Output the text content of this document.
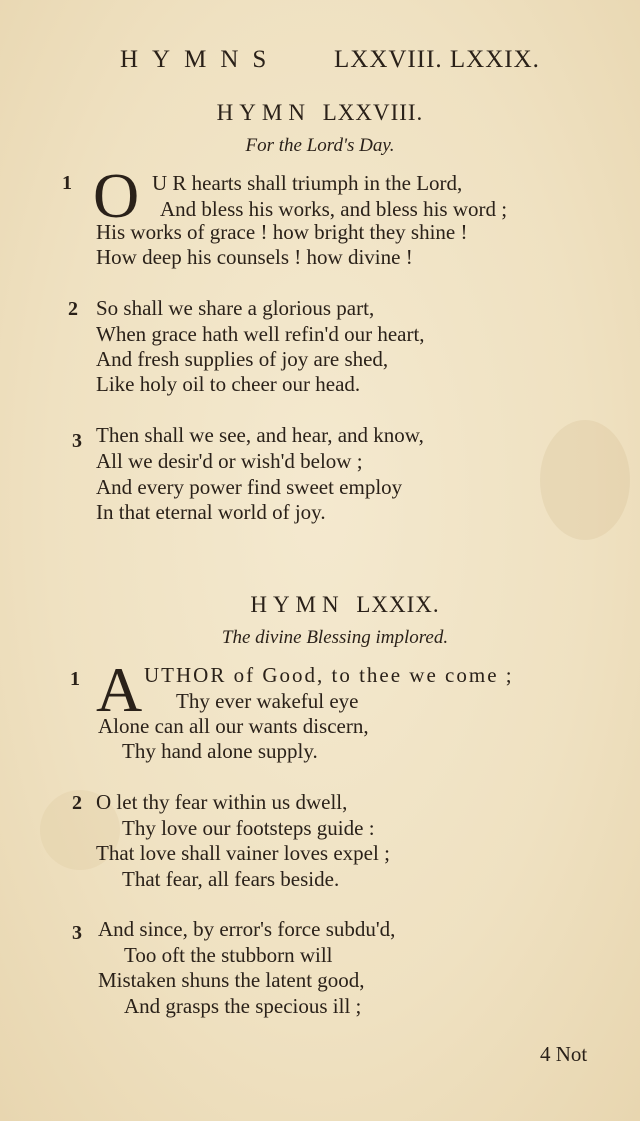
HYMNS LXXVIII. LXXIX.
HYMN LXXVIII.
For the Lord's Day.
1 O U R hearts shall triumph in the Lord,
And bless his works, and bless his word ;
His works of grace ! how bright they shine !
How deep his counsels ! how divine !
2 So shall we share a glorious part,
When grace hath well refin'd our heart,
And fresh supplies of joy are shed,
Like holy oil to cheer our head.
3 Then shall we see, and hear, and know,
All we desir'd or wish'd below ;
And every power find sweet employ
In that eternal world of joy.
HYMN LXXIX.
The divine Blessing implored.
1 A UTHOR of Good, to thee we come ;
Thy ever wakeful eye
Alone can all our wants discern,
Thy hand alone supply.
2 O let thy fear within us dwell,
Thy love our footsteps guide :
That love shall vainer loves expel ;
That fear, all fears beside.
3 And since, by error's force subdu'd,
Too oft the stubborn will
Mistaken shuns the latent good,
And grasps the specious ill ;
4 Not
